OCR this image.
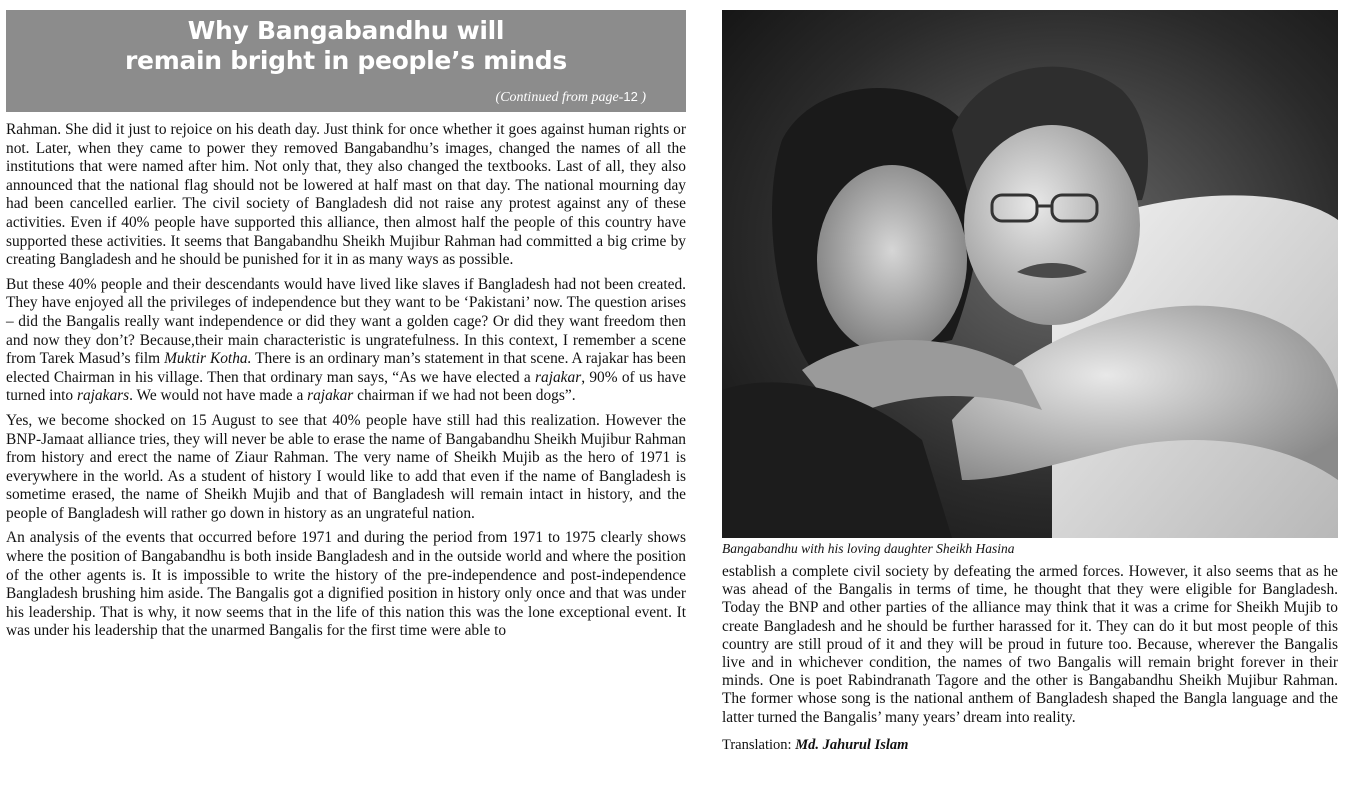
Why Bangabandhu will
remain bright in people’s minds
(Continued from page-12 )

Rahman. She did it just to rejoice on his death day. Just think for once whether it goes against human rights or not. Later, when they came to power they removed Bangabandhu’s images, changed the names of all the institutions that were named after him. Not only that, they also changed the textbooks. Last of all, they also announced that the national flag should not be lowered at half mast on that day. The national mourning day had been cancelled earlier. The civil society of Bangladesh did not raise any protest against any of these activities. Even if 40% people have supported this alliance, then almost half the people of this country have supported these activities. It seems that Bangabandhu Sheikh Mujibur Rahman had committed a big crime by creating Bangladesh and he should be punished for it in as many ways as possible.

But these 40% people and their descendants would have lived like slaves if Bangladesh had not been created. They have enjoyed all the privileges of independence but they want to be ‘Pakistani’ now. The question arises – did the Bangalis really want independence or did they want a golden cage? Or did they want freedom then and now they don’t? Because,their main characteristic is ungratefulness. In this context, I remember a scene from Tarek Masud’s film Muktir Kotha. There is an ordinary man’s statement in that scene. A rajakar has been elected Chairman in his village. Then that ordinary man says, “As we have elected a rajakar, 90% of us have turned into rajakars. We would not have made a rajakar chairman if we had not been dogs”.

Yes, we become shocked on 15 August to see that 40% people have still had this realization. However the BNP-Jamaat alliance tries, they will never be able to erase the name of Bangabandhu Sheikh Mujibur Rahman from history and erect the name of Ziaur Rahman. The very name of Sheikh Mujib as the hero of 1971 is everywhere in the world. As a student of history I would like to add that even if the name of Bangladesh is sometime erased, the name of Sheikh Mujib and that of Bangladesh will remain intact in history, and the people of Bangladesh will rather go down in history as an ungrateful nation.

An analysis of the events that occurred before 1971 and during the period from 1971 to 1975 clearly shows where the position of Bangabandhu is both inside Bangladesh and in the outside world and where the position of the other agents is. It is impossible to write the history of the pre-independence and post-independence Bangladesh brushing him aside. The Bangalis got a dignified position in history only once and that was under his leadership. That is why, it now seems that in the life of this nation this was the lone exceptional event. It was under his leadership that the unarmed Bangalis for the first time were able to

Bangabandhu with his loving daughter Sheikh Hasina

establish a complete civil society by defeating the armed forces. However, it also seems that as he was ahead of the Bangalis in terms of time, he thought that they were eligible for Bangladesh. Today the BNP and other parties of the alliance may think that it was a crime for Sheikh Mujib to create Bangladesh and he should be further harassed for it. They can do it but most people of this country are still proud of it and they will be proud in future too. Because, wherever the Bangalis live and in whichever condition, the names of two Bangalis will remain bright forever in their minds. One is poet Rabindranath Tagore and the other is Bangabandhu Sheikh Mujibur Rahman. The former whose song is the national anthem of Bangladesh shaped the Bangla language and the latter turned the Bangalis’ many years’ dream into reality.

Translation: Md. Jahurul Islam
